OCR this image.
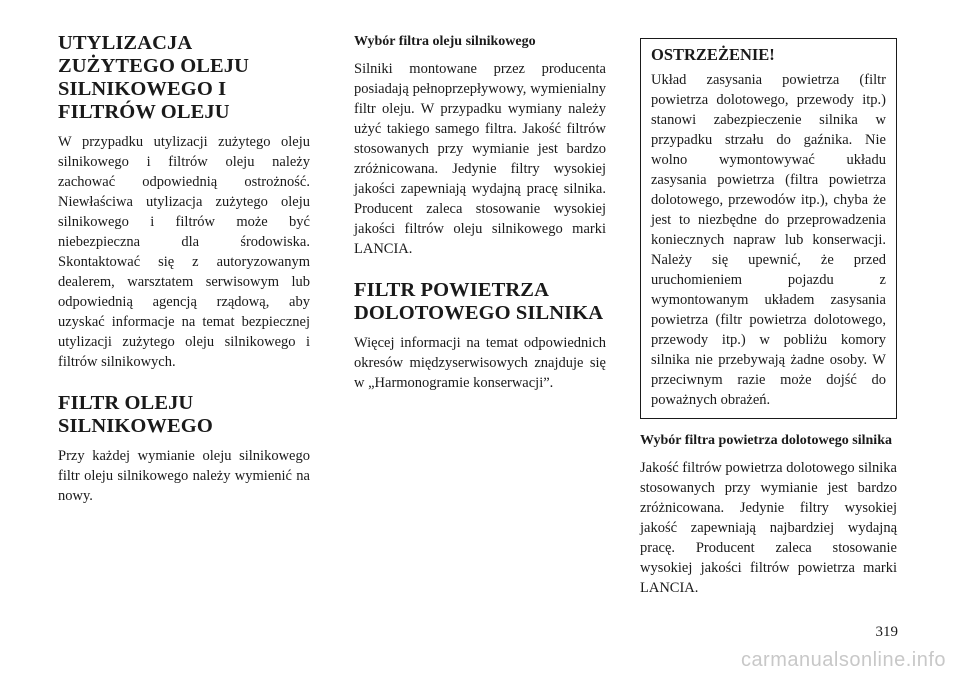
UTYLIZACJA ZUŻYTEGO OLEJU SILNIKOWEGO I FILTRÓW OLEJU

W przypadku utylizacji zużytego oleju silnikowego i filtrów oleju należy zachować odpowiednią ostrożność. Niewłaściwa utylizacja zużytego oleju silnikowego i filtrów może być niebezpieczna dla środowiska. Skontaktować się z autoryzowanym dealerem, warsztatem serwisowym lub odpowiednią agencją rządową, aby uzyskać informacje na temat bezpiecznej utylizacji zużytego oleju silnikowego i filtrów silnikowych.

FILTR OLEJU SILNIKOWEGO

Przy każdej wymianie oleju silnikowego filtr oleju silnikowego należy wymienić na nowy.

Wybór filtra oleju silnikowego

Silniki montowane przez producenta posiadają pełnoprzepływowy, wymienialny filtr oleju. W przypadku wymiany należy użyć takiego samego filtra. Jakość filtrów stosowanych przy wymianie jest bardzo zróżnicowana. Jedynie filtry wysokiej jakości zapewniają wydajną pracę silnika. Producent zaleca stosowanie wysokiej jakości filtrów oleju silnikowego marki LANCIA.

FILTR POWIETRZA DOLOTOWEGO SILNIKA

Więcej informacji na temat odpowiednich okresów międzyserwisowych znajduje się w „Harmonogramie konserwacji”.

OSTRZEŻENIE!

Układ zasysania powietrza (filtr powietrza dolotowego, przewody itp.) stanowi zabezpieczenie silnika w przypadku strzału do gaźnika. Nie wolno wymontowywać układu zasysania powietrza (filtra powietrza dolotowego, przewodów itp.), chyba że jest to niezbędne do przeprowadzenia koniecznych napraw lub konserwacji. Należy się upewnić, że przed uruchomieniem pojazdu z wymontowanym układem zasysania powietrza (filtr powietrza dolotowego, przewody itp.) w pobliżu komory silnika nie przebywają żadne osoby. W przeciwnym razie może dojść do poważnych obrażeń.

Wybór filtra powietrza dolotowego silnika

Jakość filtrów powietrza dolotowego silnika stosowanych przy wymianie jest bardzo zróżnicowana. Jedynie filtry wysokiej jakość zapewniają najbardziej wydajną pracę. Producent zaleca stosowanie wysokiej jakości filtrów powietrza marki LANCIA.

319
carmanualsonline.info
